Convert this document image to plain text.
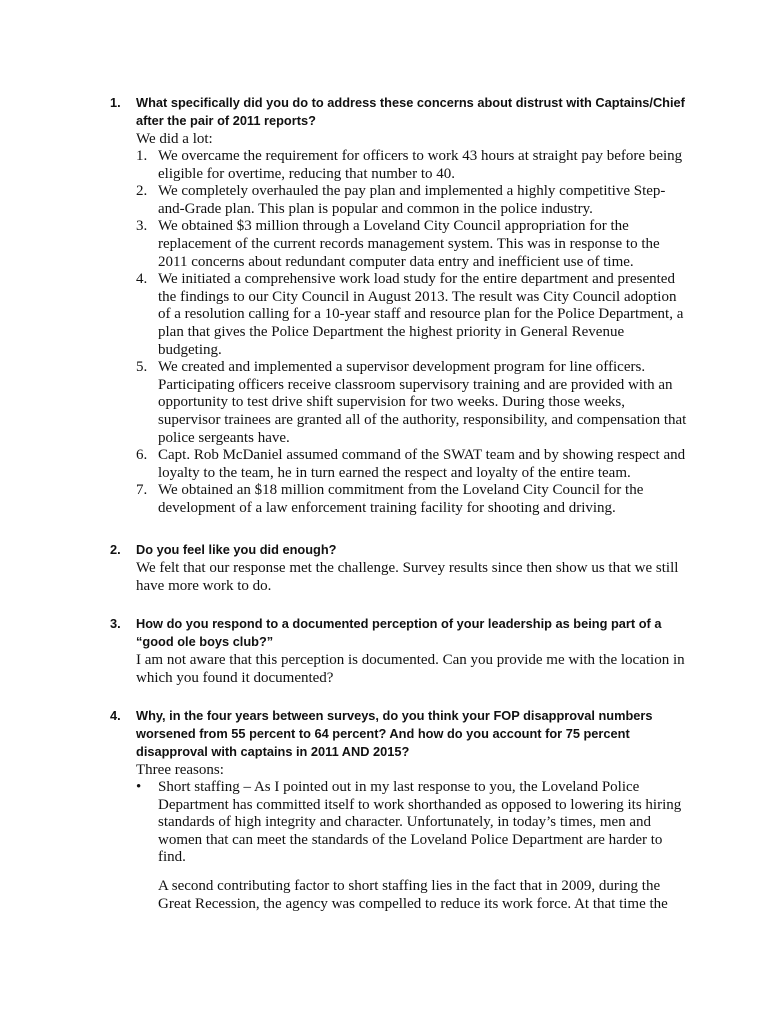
1.	What specifically did you do to address these concerns about distrust with Captains/Chief after the pair of 2011 reports?
We did a lot:
1. We overcame the requirement for officers to work 43 hours at straight pay before being eligible for overtime, reducing that number to 40.
2. We completely overhauled the pay plan and implemented a highly competitive Step-and-Grade plan. This plan is popular and common in the police industry.
3. We obtained $3 million through a Loveland City Council appropriation for the replacement of the current records management system. This was in response to the 2011 concerns about redundant computer data entry and inefficient use of time.
4. We initiated a comprehensive work load study for the entire department and presented the findings to our City Council in August 2013. The result was City Council adoption of a resolution calling for a 10-year staff and resource plan for the Police Department, a plan that gives the Police Department the highest priority in General Revenue budgeting.
5. We created and implemented a supervisor development program for line officers. Participating officers receive classroom supervisory training and are provided with an opportunity to test drive shift supervision for two weeks. During those weeks, supervisor trainees are granted all of the authority, responsibility, and compensation that police sergeants have.
6. Capt. Rob McDaniel assumed command of the SWAT team and by showing respect and loyalty to the team, he in turn earned the respect and loyalty of the entire team.
7. We obtained an $18 million commitment from the Loveland City Council for the development of a law enforcement training facility for shooting and driving.
2.	Do you feel like you did enough?
We felt that our response met the challenge. Survey results since then show us that we still have more work to do.
3.	How do you respond to a documented perception of your leadership as being part of a “good ole boys club?”
I am not aware that this perception is documented. Can you provide me with the location in which you found it documented?
4.	Why, in the four years between surveys, do you think your FOP disapproval numbers worsened from 55 percent to 64 percent? And how do you account for 75 percent disapproval with captains in 2011 AND 2015?
Three reasons:
•	Short staffing – As I pointed out in my last response to you, the Loveland Police Department has committed itself to work shorthanded as opposed to lowering its hiring standards of high integrity and character. Unfortunately, in today’s times, men and women that can meet the standards of the Loveland Police Department are harder to find.
A second contributing factor to short staffing lies in the fact that in 2009, during the Great Recession, the agency was compelled to reduce its work force. At that time the
